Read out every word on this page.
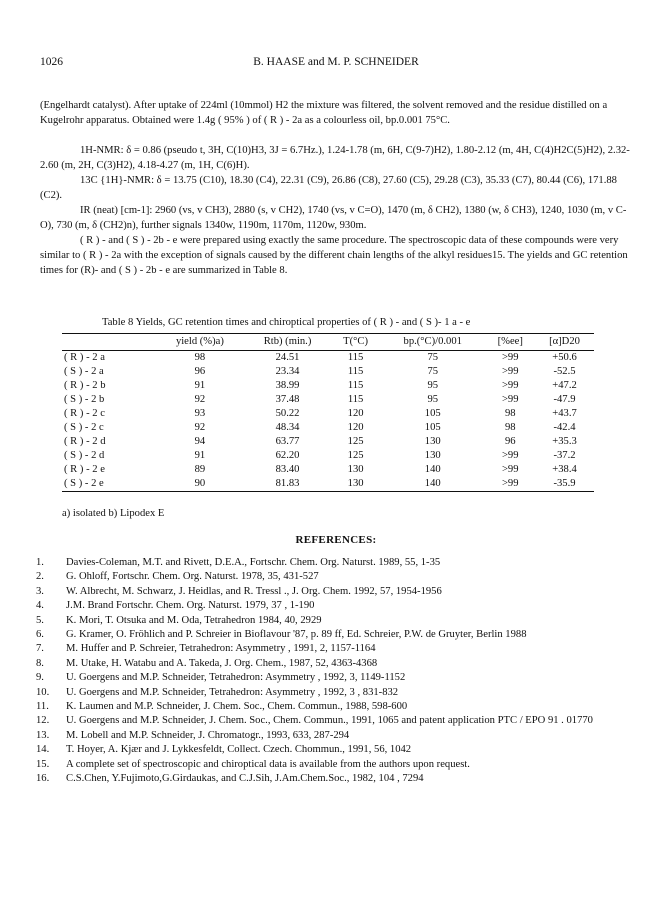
1026	B. HAASE and M. P. SCHNEIDER

(Engelhardt catalyst). After uptake of 224ml (10mmol) H2 the mixture was filtered, the solvent removed and the residue distilled on a Kugelrohr apparatus. Obtained were 1.4g ( 95% ) of ( R ) - 2a as a colourless oil, bp.0.001 75°C.

1H-NMR: δ = 0.86 (pseudo t, 3H, C(10)H3, 3J = 6.7Hz.), 1.24-1.78 (m, 6H, C(9-7)H2), 1.80-2.12 (m, 4H, C(4)H2C(5)H2), 2.32-2.60 (m, 2H, C(3)H2), 4.18-4.27 (m, 1H, C(6)H).

13C {1H}-NMR: δ = 13.75 (C10), 18.30 (C4), 22.31 (C9), 26.86 (C8), 27.60 (C5), 29.28 (C3), 35.33 (C7), 80.44 (C6), 171.88 (C2).

IR (neat) [cm-1]: 2960 (vs, v CH3), 2880 (s, v CH2), 1740 (vs, v C=O), 1470 (m, δ CH2), 1380 (w, δ CH3), 1240, 1030 (m, v C-O), 730 (m, δ (CH2)n), further signals 1340w, 1190m, 1170m, 1120w, 930m.

( R ) - and ( S ) - 2b - e were prepared using exactly the same procedure. The spectroscopic data of these compounds were very similar to ( R ) - 2a with the exception of signals caused by the different chain lengths of the alkyl residues15. The yields and GC retention times for (R)- and ( S ) - 2b - e are summarized in Table 8.

Table 8 Yields, GC retention times and chiroptical properties of ( R ) - and ( S )- 1 a - e
	yield (%)a)	Rtb) (min.)	T(°C)	bp.(°C)/0.001	[%ee]	[α]D20
( R ) - 2 a	98	24.51	115	75	>99	+50.6
( S ) - 2 a	96	23.34	115	75	>99	-52.5
( R ) - 2 b	91	38.99	115	95	>99	+47.2
( S ) - 2 b	92	37.48	115	95	>99	-47.9
( R ) - 2 c	93	50.22	120	105	98	+43.7
( S ) - 2 c	92	48.34	120	105	98	-42.4
( R ) - 2 d	94	63.77	125	130	96	+35.3
( S ) - 2 d	91	62.20	125	130	>99	-37.2
( R ) - 2 e	89	83.40	130	140	>99	+38.4
( S ) - 2 e	90	81.83	130	140	>99	-35.9
a) isolated b) Lipodex E
REFERENCES:
1.	Davies-Coleman, M.T. and Rivett, D.E.A., Fortschr. Chem. Org. Naturst. 1989, 55, 1-35
2.	G. Ohloff, Fortschr. Chem. Org. Naturst. 1978, 35, 431-527
3.	W. Albrecht, M. Schwarz, J. Heidlas, and R. Tressl ., J. Org. Chem. 1992, 57, 1954-1956
4.	J.M. Brand Fortschr. Chem. Org. Naturst. 1979, 37 , 1-190
5.	K. Mori, T. Otsuka and M. Oda, Tetrahedron 1984, 40, 2929
6.	G. Kramer, O. Fröhlich and P. Schreier in Bioflavour '87, p. 89 ff, Ed. Schreier, P.W. de Gruyter, Berlin 1988
7.	M. Huffer and P. Schreier, Tetrahedron: Asymmetry , 1991, 2, 1157-1164
8.	M. Utake, H. Watabu and A. Takeda, J. Org. Chem., 1987, 52, 4363-4368
9.	U. Goergens and M.P. Schneider, Tetrahedron: Asymmetry , 1992, 3, 1149-1152
10.	U. Goergens and M.P. Schneider, Tetrahedron: Asymmetry , 1992, 3 , 831-832
11.	K. Laumen and M.P. Schneider, J. Chem. Soc., Chem. Commun., 1988, 598-600
12.	U. Goergens and M.P. Schneider, J. Chem. Soc., Chem. Commun., 1991, 1065 and patent application PTC / EPO 91 . 01770
13.	M. Lobell and M.P. Schneider, J. Chromatogr., 1993, 633, 287-294
14.	T. Hoyer, A. Kjær and J. Lykkesfeldt, Collect. Czech. Chommun., 1991, 56, 1042
15.	A complete set of spectroscopic and chiroptical data is available from the authors upon request.
16.	C.S.Chen, Y.Fujimoto,G.Girdaukas, and C.J.Sih, J.Am.Chem.Soc., 1982, 104 , 7294
